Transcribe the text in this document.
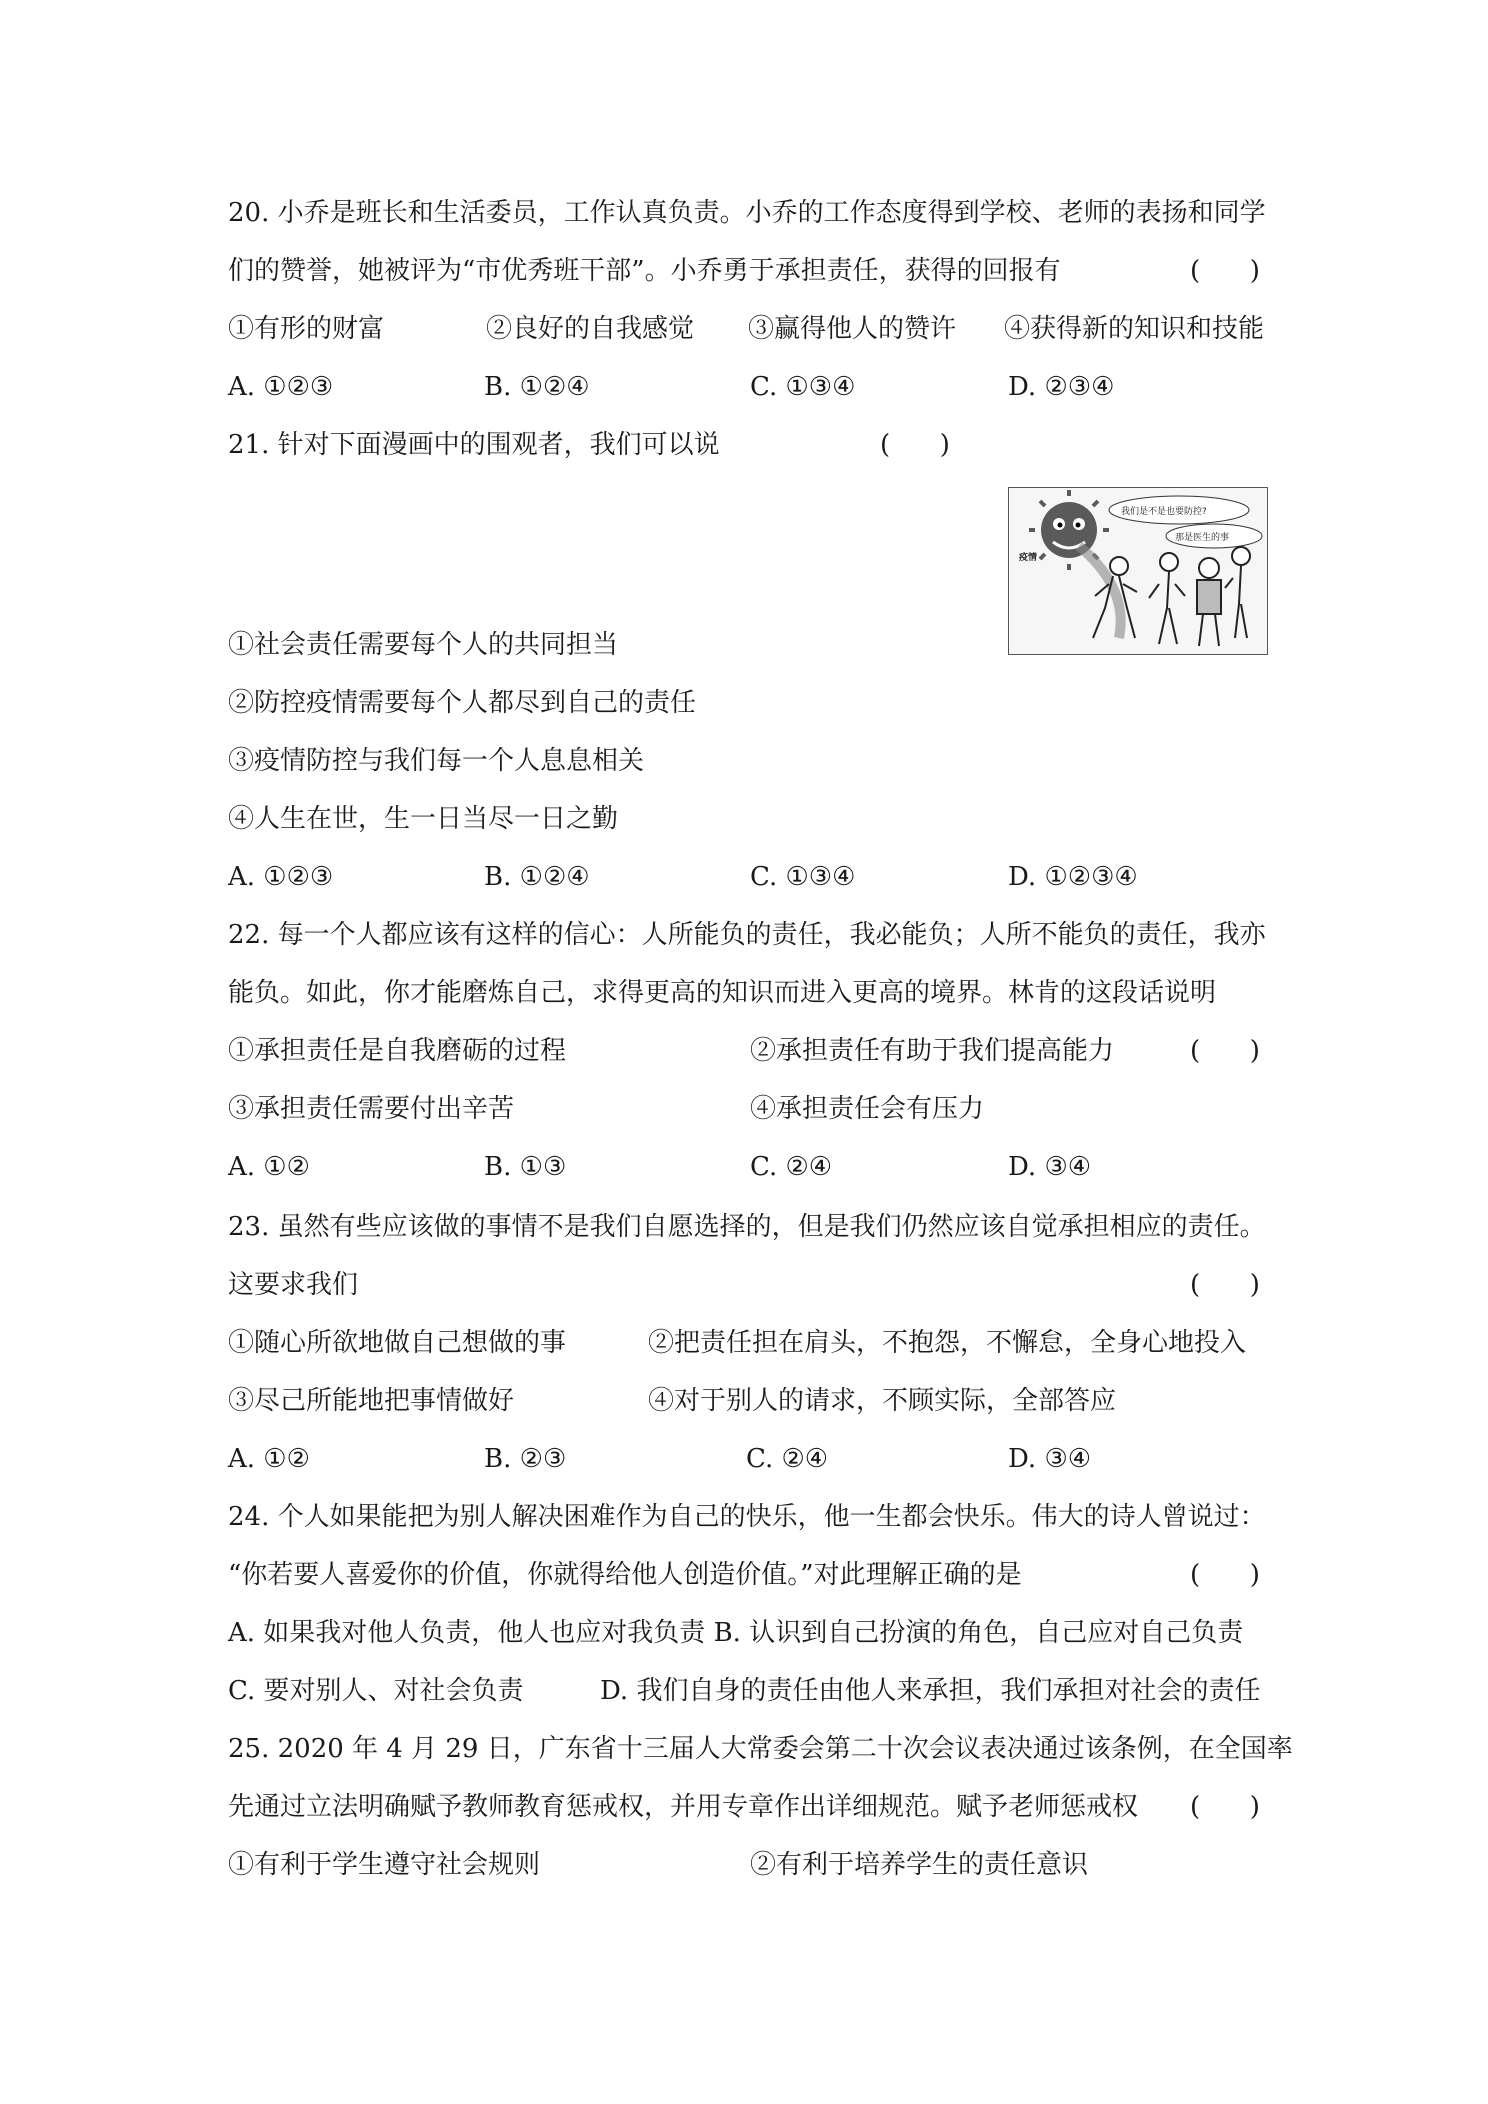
20. 小乔是班长和生活委员，工作认真负责。小乔的工作态度得到学校、老师的表扬和同学
们的赞誉，她被评为“市优秀班干部”。小乔勇于承担责任，获得的回报有	(      )
①有形的财富	②良好的自我感觉 ③赢得他人的赞许 ④获得新的知识和技能
A. ①②③	B. ①②④	C. ①③④	D. ②③④
21. 针对下面漫画中的围观者，我们可以说	(      )
疫情
我们是不是也要防控?
那是医生的事
①社会责任需要每个人的共同担当
②防控疫情需要每个人都尽到自己的责任
③疫情防控与我们每一个人息息相关
④人生在世，生一日当尽一日之勤
A. ①②③	B. ①②④	C. ①③④	D. ①②③④
22. 每一个人都应该有这样的信心：人所能负的责任，我必能负；人所不能负的责任，我亦
能负。如此，你才能磨炼自己，求得更高的知识而进入更高的境界。林肯的这段话说明
①承担责任是自我磨砺的过程	②承担责任有助于我们提高能力	(      )
③承担责任需要付出辛苦	④承担责任会有压力
A. ①②	B. ①③	C. ②④	D. ③④
23. 虽然有些应该做的事情不是我们自愿选择的，但是我们仍然应该自觉承担相应的责任。
这要求我们	(      )
①随心所欲地做自己想做的事	②把责任担在肩头，不抱怨，不懈怠，全身心地投入
③尽己所能地把事情做好	④对于别人的请求，不顾实际，全部答应
A. ①②	B. ②③	C. ②④	D. ③④
24. 个人如果能把为别人解决困难作为自己的快乐，他一生都会快乐。伟大的诗人曾说过：
“你若要人喜爱你的价值，你就得给他人创造价值。”对此理解正确的是	(      )
A. 如果我对他人负责，他人也应对我负责 B. 认识到自己扮演的角色，自己应对自己负责
C. 要对别人、对社会负责	D. 我们自身的责任由他人来承担，我们承担对社会的责任
25. 2020 年 4 月 29 日，广东省十三届人大常委会第二十次会议表决通过该条例，在全国率
先通过立法明确赋予教师教育惩戒权，并用专章作出详细规范。赋予老师惩戒权 (      )
①有利于学生遵守社会规则	②有利于培养学生的责任意识
